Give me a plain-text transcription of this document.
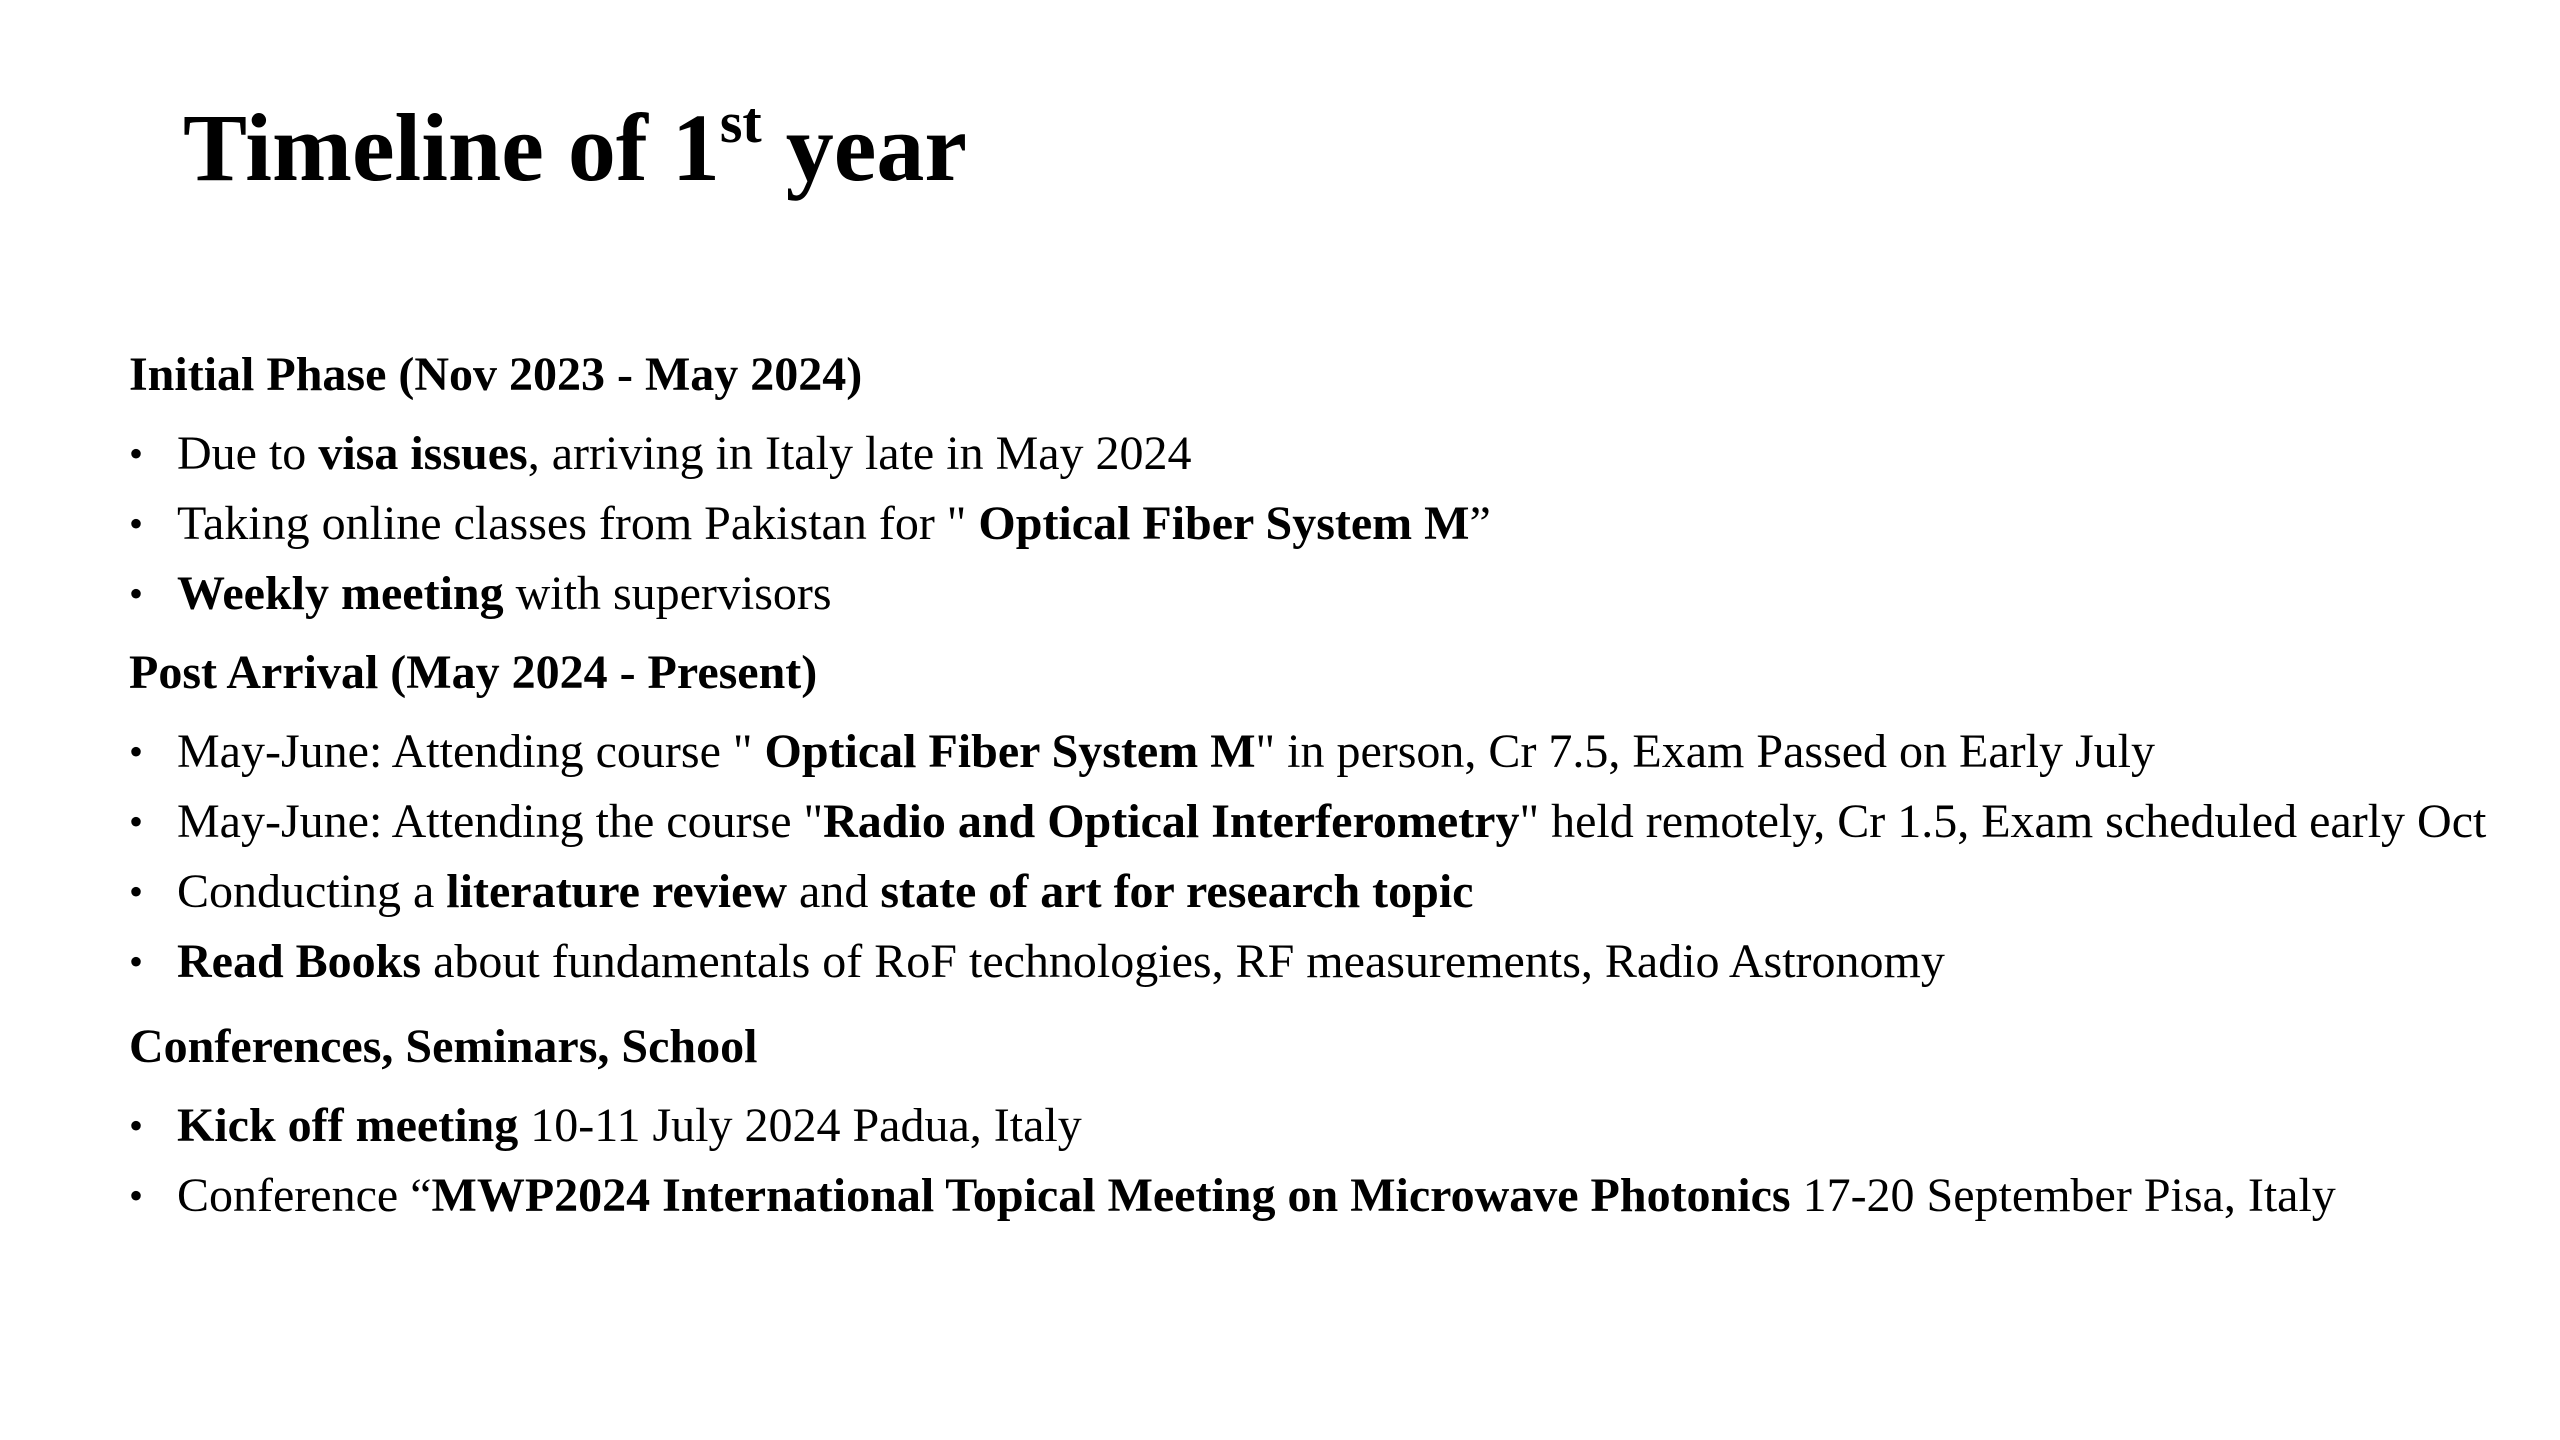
Timeline of 1st year
Initial Phase (Nov 2023 - May 2024)
• Due to visa issues, arriving in Italy late in May 2024
• Taking online classes from Pakistan for " Optical Fiber System M”
• Weekly meeting with supervisors
Post Arrival (May 2024 - Present)
• May-June: Attending course " Optical Fiber System M" in person, Cr 7.5, Exam Passed on Early July
• May-June: Attending the course "Radio and Optical Interferometry" held remotely, Cr 1.5, Exam scheduled early Oct
• Conducting a literature review and state of art for research topic
• Read Books about fundamentals of RoF technologies, RF measurements, Radio Astronomy
Conferences, Seminars, School
• Kick off meeting 10-11 July 2024 Padua, Italy
• Conference “MWP2024 International Topical Meeting on Microwave Photonics 17-20 September Pisa, Italy
